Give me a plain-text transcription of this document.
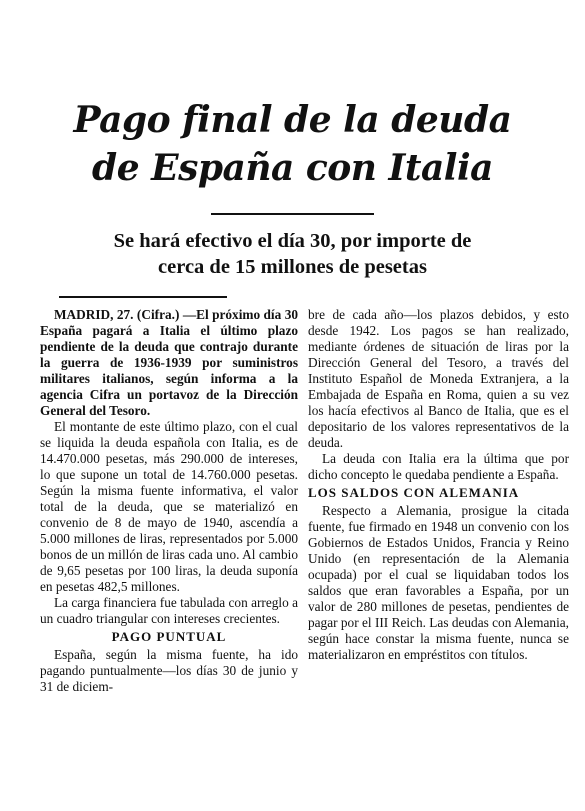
Pago final de la deuda
de España con Italia
Se hará efectivo el día 30, por importe de
cerca de 15 millones de pesetas

MADRID, 27. (Cifra.) —El próximo día 30 España pagará a Italia el último plazo pendiente de la deuda que contrajo durante la guerra de 1936-1939 por suministros militares italianos, según informa a la agencia Cifra un portavoz de la Dirección General del Tesoro.

El montante de este último plazo, con el cual se liquida la deuda española con Italia, es de 14.470.000 pesetas, más 290.000 de intereses, lo que supone un total de 14.760.000 pesetas. Según la misma fuente informativa, el valor total de la deuda, que se materializó en convenio de 8 de mayo de 1940, ascendía a 5.000 millones de liras, representados por 5.000 bonos de un millón de liras cada uno. Al cambio de 9,65 pesetas por 100 liras, la deuda suponía en pesetas 482,5 millones.

La carga financiera fue tabulada con arreglo a un cuadro triangular con intereses crecientes.

PAGO PUNTUAL

España, según la misma fuente, ha ido pagando puntualmente—los días 30 de junio y 31 de diciem-

bre de cada año—los plazos debidos, y esto desde 1942. Los pagos se han realizado, mediante órdenes de situación de liras por la Dirección General del Tesoro, a través del Instituto Español de Moneda Extranjera, a la Embajada de España en Roma, quien a su vez los hacía efectivos al Banco de Italia, que es el depositario de los valores representativos de la deuda.

La deuda con Italia era la última que por dicho concepto le quedaba pendiente a España.

LOS SALDOS CON ALEMANIA

Respecto a Alemania, prosigue la citada fuente, fue firmado en 1948 un convenio con los Gobiernos de Estados Unidos, Francia y Reino Unido (en representación de la Alemania ocupada) por el cual se liquidaban todos los saldos que eran favorables a España, por un valor de 280 millones de pesetas, pendientes de pagar por el III Reich. Las deudas con Alemania, según hace constar la misma fuente, nunca se materializaron en empréstitos con títulos.
